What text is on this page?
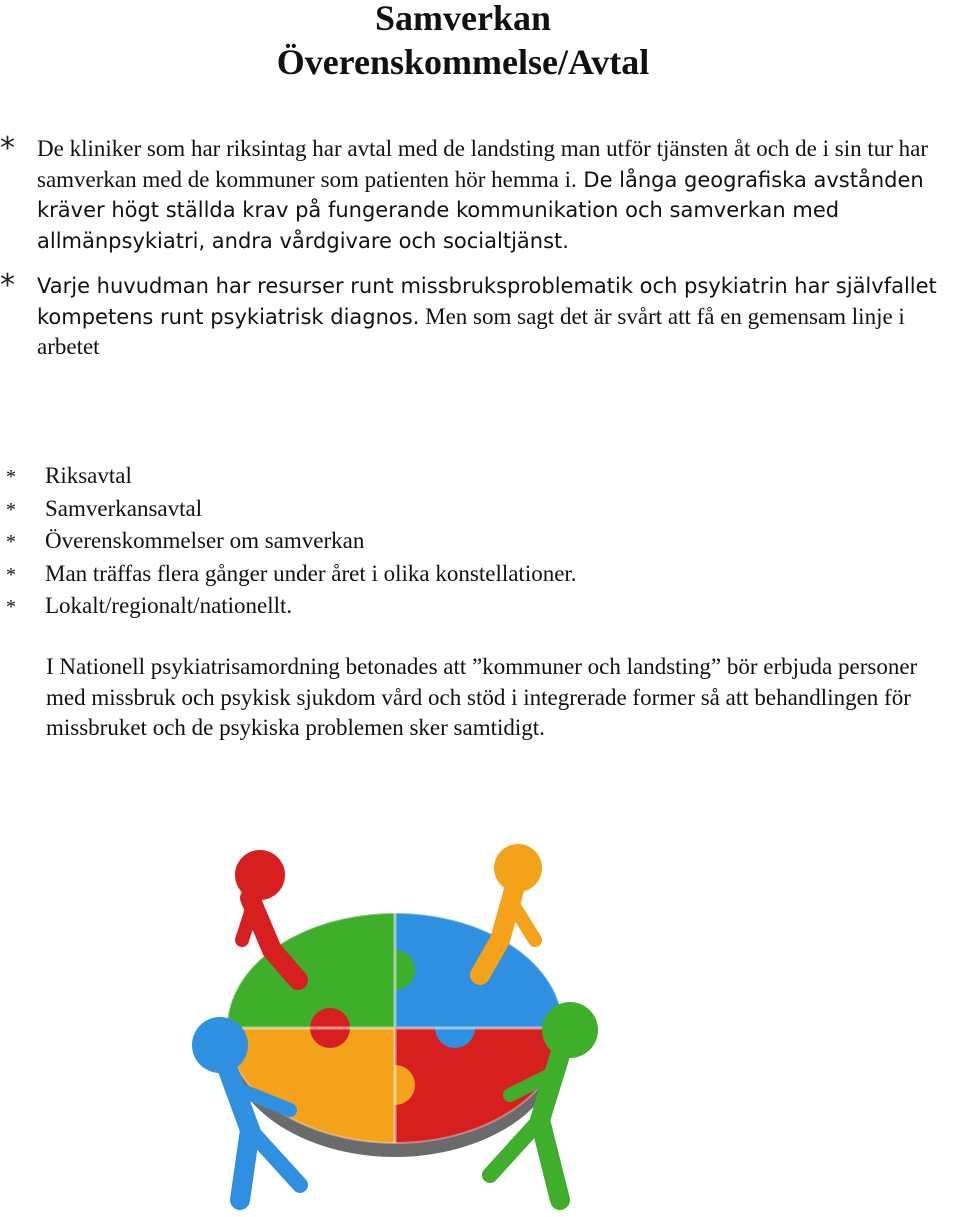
Samverkan
Överenskommelse/Avtal
* De kliniker som har riksintag har avtal med de landsting man utför tjänsten åt och de i sin tur har samverkan med de kommuner som patienten hör hemma i. De långa geografiska avstånden kräver högt ställda krav på fungerande kommunikation och samverkan med allmänpsykiatri, andra vårdgivare och socialtjänst.
* Varje huvudman har resurser runt missbruksproblematik och psykiatrin har självfallet kompetens runt psykiatrisk diagnos. Men som sagt det är svårt att få en gemensam linje i arbetet
*	Riksavtal
*	Samverkansavtal
*	Överenskommelser om samverkan
*	Man träffas flera gånger under året i olika konstellationer.
*	Lokalt/regionalt/nationellt.
I Nationell psykiatrisamordning betonades att ”kommuner och landsting” bör erbjuda personer med missbruk och psykisk sjukdom vård och stöd i integrerade former så att behandlingen för missbruket och de psykiska problemen sker samtidigt.
